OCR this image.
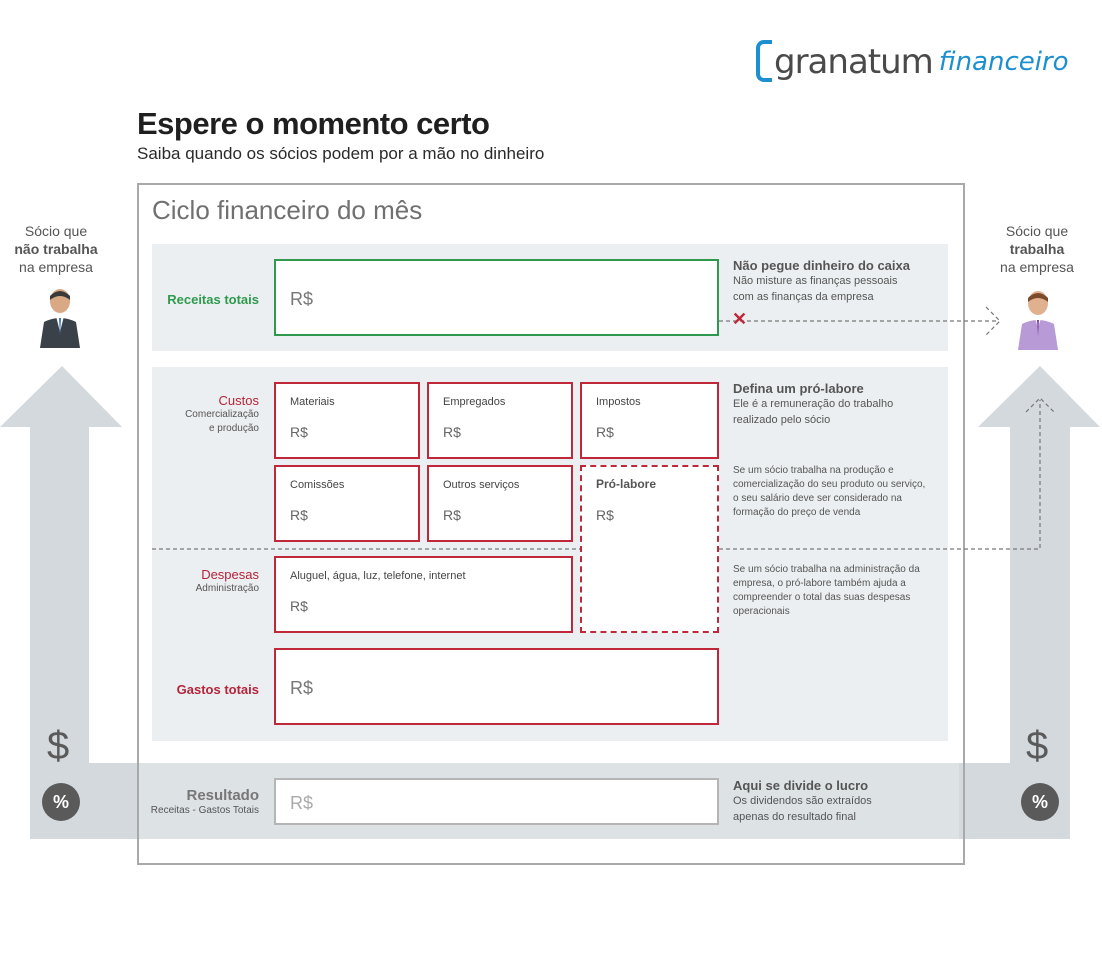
granatum financeiro
Espere o momento certo
Saiba quando os sócios podem por a mão no dinheiro
Ciclo financeiro do mês
Sócio que
não trabalha
na empresa
Sócio que
trabalha
na empresa
$
%
$
%
✕
Receitas totais R$
Não pegue dinheiro do caixa
Não misture as finanças pessoais
com as finanças da empresa
Custos
Comercialização
e produção
Materiais
R$
Empregados
R$
Impostos
R$
Comissões
R$
Outros serviços
R$
Pró-labore
R$
Despesas
Administração
Aluguel, água, luz, telefone, internet
R$
Defina um pró-labore
Ele é a remuneração do trabalho
realizado pelo sócio
Se um sócio trabalha na produção e
comercialização do seu produto ou serviço,
o seu salário deve ser considerado na
formação do preço de venda
Se um sócio trabalha na administração da
empresa, o pró-labore também ajuda a
compreender o total das suas despesas
operacionais
Gastos totais R$
Resultado
Receitas - Gastos Totais R$
Aqui se divide o lucro
Os dividendos são extraídos
apenas do resultado final
